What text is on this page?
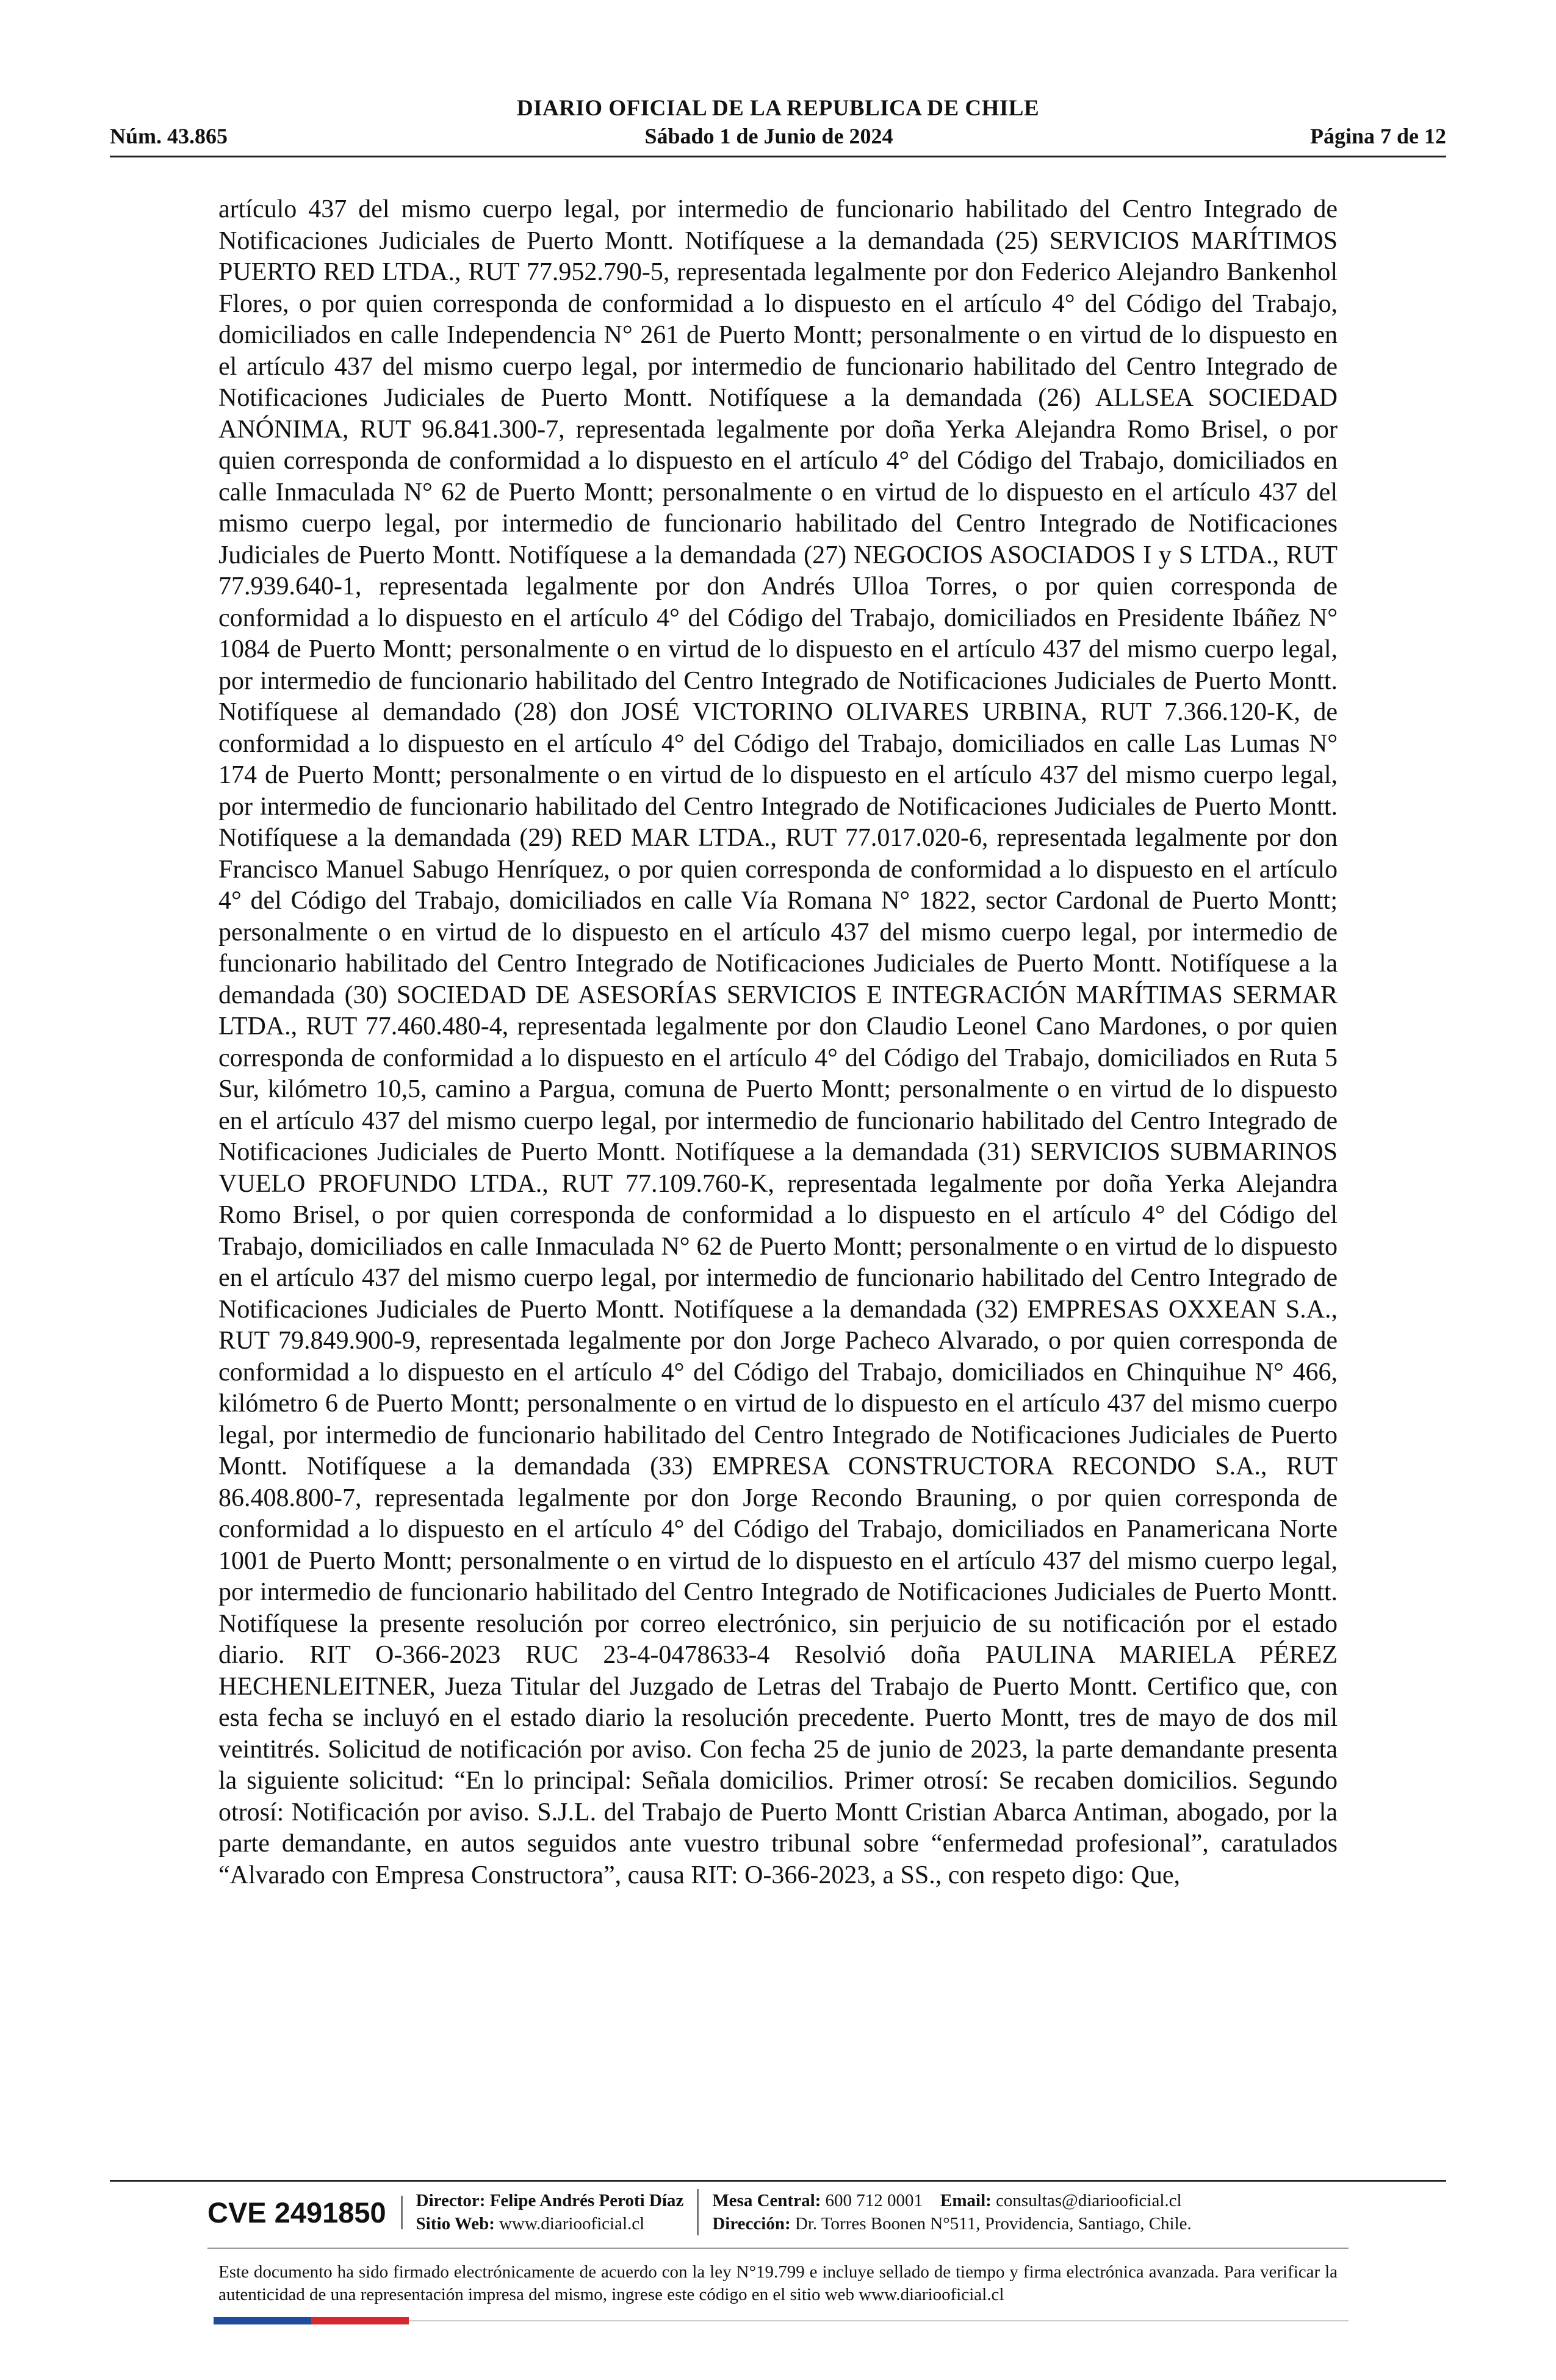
DIARIO OFICIAL DE LA REPUBLICA DE CHILE
Núm. 43.865	Sábado 1 de Junio de 2024	Página 7 de 12
artículo 437 del mismo cuerpo legal, por intermedio de funcionario habilitado del Centro Integrado de Notificaciones Judiciales de Puerto Montt. Notifíquese a la demandada (25) SERVICIOS MARÍTIMOS PUERTO RED LTDA., RUT 77.952.790-5, representada legalmente por don Federico Alejandro Bankenhol Flores, o por quien corresponda de conformidad a lo dispuesto en el artículo 4° del Código del Trabajo, domiciliados en calle Independencia N° 261 de Puerto Montt; personalmente o en virtud de lo dispuesto en el artículo 437 del mismo cuerpo legal, por intermedio de funcionario habilitado del Centro Integrado de Notificaciones Judiciales de Puerto Montt. Notifíquese a la demandada (26) ALLSEA SOCIEDAD ANÓNIMA, RUT 96.841.300-7, representada legalmente por doña Yerka Alejandra Romo Brisel, o por quien corresponda de conformidad a lo dispuesto en el artículo 4° del Código del Trabajo, domiciliados en calle Inmaculada N° 62 de Puerto Montt; personalmente o en virtud de lo dispuesto en el artículo 437 del mismo cuerpo legal, por intermedio de funcionario habilitado del Centro Integrado de Notificaciones Judiciales de Puerto Montt. Notifíquese a la demandada (27) NEGOCIOS ASOCIADOS I y S LTDA., RUT 77.939.640-1, representada legalmente por don Andrés Ulloa Torres, o por quien corresponda de conformidad a lo dispuesto en el artículo 4° del Código del Trabajo, domiciliados en Presidente Ibáñez N° 1084 de Puerto Montt; personalmente o en virtud de lo dispuesto en el artículo 437 del mismo cuerpo legal, por intermedio de funcionario habilitado del Centro Integrado de Notificaciones Judiciales de Puerto Montt. Notifíquese al demandado (28) don JOSÉ VICTORINO OLIVARES URBINA, RUT 7.366.120-K, de conformidad a lo dispuesto en el artículo 4° del Código del Trabajo, domiciliados en calle Las Lumas N° 174 de Puerto Montt; personalmente o en virtud de lo dispuesto en el artículo 437 del mismo cuerpo legal, por intermedio de funcionario habilitado del Centro Integrado de Notificaciones Judiciales de Puerto Montt. Notifíquese a la demandada (29) RED MAR LTDA., RUT 77.017.020-6, representada legalmente por don Francisco Manuel Sabugo Henríquez, o por quien corresponda de conformidad a lo dispuesto en el artículo 4° del Código del Trabajo, domiciliados en calle Vía Romana N° 1822, sector Cardonal de Puerto Montt; personalmente o en virtud de lo dispuesto en el artículo 437 del mismo cuerpo legal, por intermedio de funcionario habilitado del Centro Integrado de Notificaciones Judiciales de Puerto Montt. Notifíquese a la demandada (30) SOCIEDAD DE ASESORÍAS SERVICIOS E INTEGRACIÓN MARÍTIMAS SERMAR LTDA., RUT 77.460.480-4, representada legalmente por don Claudio Leonel Cano Mardones, o por quien corresponda de conformidad a lo dispuesto en el artículo 4° del Código del Trabajo, domiciliados en Ruta 5 Sur, kilómetro 10,5, camino a Pargua, comuna de Puerto Montt; personalmente o en virtud de lo dispuesto en el artículo 437 del mismo cuerpo legal, por intermedio de funcionario habilitado del Centro Integrado de Notificaciones Judiciales de Puerto Montt. Notifíquese a la demandada (31) SERVICIOS SUBMARINOS VUELO PROFUNDO LTDA., RUT 77.109.760-K, representada legalmente por doña Yerka Alejandra Romo Brisel, o por quien corresponda de conformidad a lo dispuesto en el artículo 4° del Código del Trabajo, domiciliados en calle Inmaculada N° 62 de Puerto Montt; personalmente o en virtud de lo dispuesto en el artículo 437 del mismo cuerpo legal, por intermedio de funcionario habilitado del Centro Integrado de Notificaciones Judiciales de Puerto Montt. Notifíquese a la demandada (32) EMPRESAS OXXEAN S.A., RUT 79.849.900-9, representada legalmente por don Jorge Pacheco Alvarado, o por quien corresponda de conformidad a lo dispuesto en el artículo 4° del Código del Trabajo, domiciliados en Chinquihue N° 466, kilómetro 6 de Puerto Montt; personalmente o en virtud de lo dispuesto en el artículo 437 del mismo cuerpo legal, por intermedio de funcionario habilitado del Centro Integrado de Notificaciones Judiciales de Puerto Montt. Notifíquese a la demandada (33) EMPRESA CONSTRUCTORA RECONDO S.A., RUT 86.408.800-7, representada legalmente por don Jorge Recondo Brauning, o por quien corresponda de conformidad a lo dispuesto en el artículo 4° del Código del Trabajo, domiciliados en Panamericana Norte 1001 de Puerto Montt; personalmente o en virtud de lo dispuesto en el artículo 437 del mismo cuerpo legal, por intermedio de funcionario habilitado del Centro Integrado de Notificaciones Judiciales de Puerto Montt. Notifíquese la presente resolución por correo electrónico, sin perjuicio de su notificación por el estado diario. RIT O-366-2023 RUC 23-4-0478633-4 Resolvió doña PAULINA MARIELA PÉREZ HECHENLEITNER, Jueza Titular del Juzgado de Letras del Trabajo de Puerto Montt. Certifico que, con esta fecha se incluyó en el estado diario la resolución precedente. Puerto Montt, tres de mayo de dos mil veintitrés. Solicitud de notificación por aviso. Con fecha 25 de junio de 2023, la parte demandante presenta la siguiente solicitud: “En lo principal: Señala domicilios. Primer otrosí: Se recaben domicilios. Segundo otrosí: Notificación por aviso. S.J.L. del Trabajo de Puerto Montt Cristian Abarca Antiman, abogado, por la parte demandante, en autos seguidos ante vuestro tribunal sobre “enfermedad profesional”, caratulados “Alvarado con Empresa Constructora”, causa RIT: O-366-2023, a SS., con respeto digo: Que,
CVE 2491850	Director: Felipe Andrés Peroti Díaz
Sitio Web: www.diariooficial.cl
Mesa Central: 600 712 0001 Email: consultas@diariooficial.cl
Dirección: Dr. Torres Boonen N°511, Providencia, Santiago, Chile.
Este documento ha sido firmado electrónicamente de acuerdo con la ley N°19.799 e incluye sellado de tiempo y firma electrónica avanzada. Para verificar la autenticidad de una representación impresa del mismo, ingrese este código en el sitio web www.diariooficial.cl
